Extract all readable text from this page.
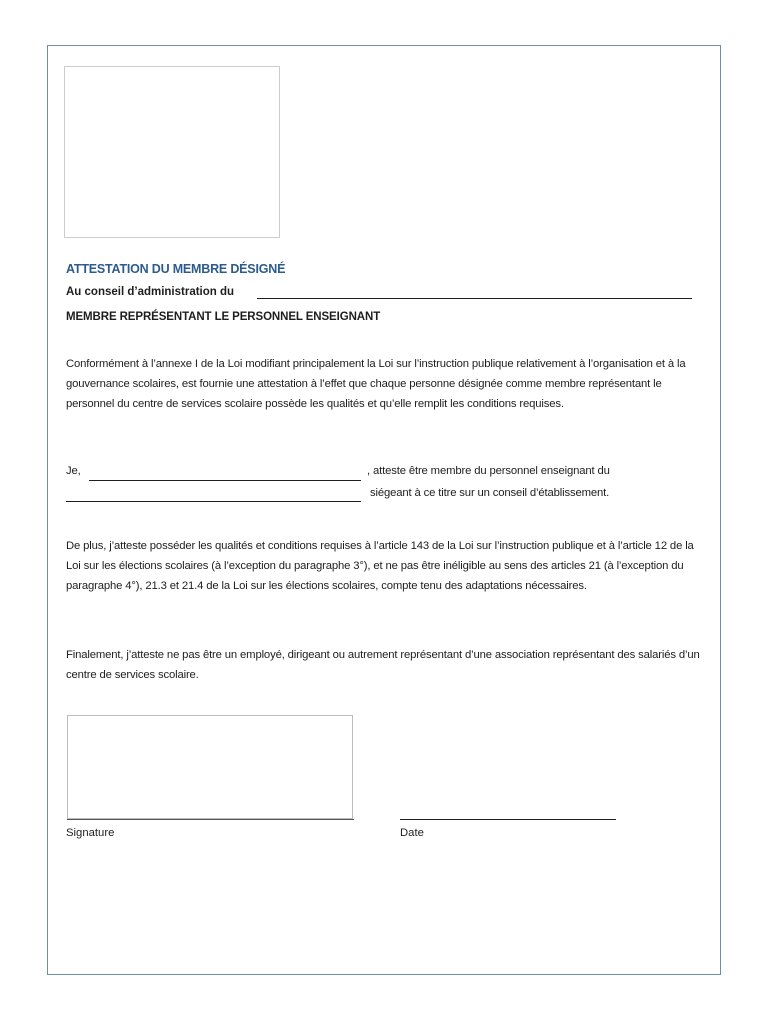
ATTESTATION DU MEMBRE DÉSIGNÉ
Au conseil d’administration du
MEMBRE REPRÉSENTANT LE PERSONNEL ENSEIGNANT
Conformément à l’annexe I de la Loi modifiant principalement la Loi sur l’instruction publique relativement à l’organisation et à la gouvernance scolaires, est fournie une attestation à l’effet que chaque personne désignée comme membre représentant le personnel du centre de services scolaire possède les qualités et qu’elle remplit les conditions requises.
Je,	, atteste être membre du personnel enseignant du
siégeant à ce titre sur un conseil d’établissement.
De plus, j’atteste posséder les qualités et conditions requises à l’article 143 de la Loi sur l’instruction publique et à l’article 12 de la Loi sur les élections scolaires (à l’exception du paragraphe 3°), et ne pas être inéligible au sens des articles 21 (à l’exception du paragraphe 4°), 21.3 et 21.4 de la Loi sur les élections scolaires, compte tenu des adaptations nécessaires.
Finalement, j’atteste ne pas être un employé, dirigeant ou autrement représentant d’une association représentant des salariés d’un centre de services scolaire.
Signature	Date
